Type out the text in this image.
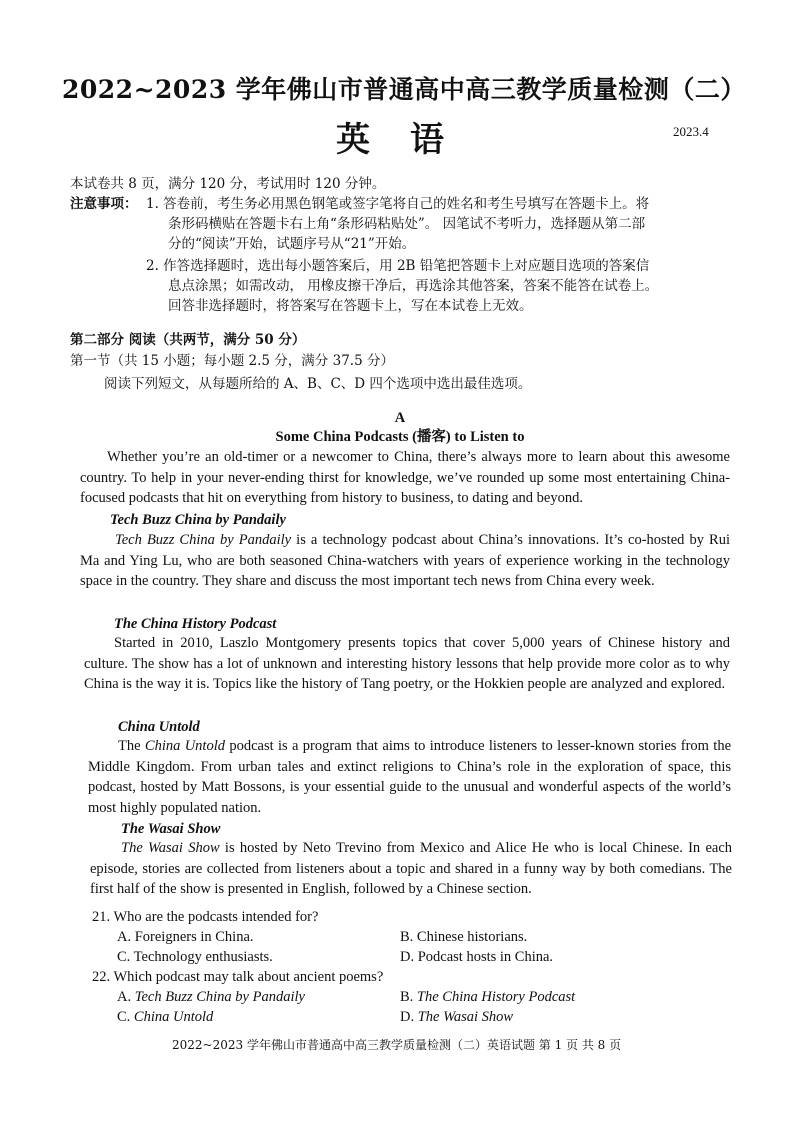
2022~2023 学年佛山市普通高中高三教学质量检测（二）
英语	2023.4
本试卷共 8 页，满分 120 分，考试用时 120 分钟。
注意事项： 1. 答卷前，考生务必用黑色钢笔或签字笔将自己的姓名和考生号填写在答题卡上。将
条形码横贴在答题卡右上角“条形码粘贴处”。 因笔试不考听力，选择题从第二部
分的“阅读”开始，试题序号从“21”开始。
2. 作答选择题时，选出每小题答案后，用 2B 铅笔把答题卡上对应题目选项的答案信
息点涂黑；如需改动， 用橡皮擦干净后，再选涂其他答案，答案不能答在试卷上。
回答非选择题时，将答案写在答题卡上，写在本试卷上无效。
第二部分 阅读（共两节，满分 50 分）
第一节（共 15 小题；每小题 2.5 分，满分 37.5 分）
阅读下列短文，从每题所给的 A、B、C、D 四个选项中选出最佳选项。
A
Some China Podcasts (播客) to Listen to
Whether you’re an old-timer or a newcomer to China, there’s always more to learn about this awesome country. To help in your never-ending thirst for knowledge, we’ve rounded up some most entertaining China-focused podcasts that hit on everything from history to business, to dating and beyond.
Tech Buzz China by Pandaily
Tech Buzz China by Pandaily is a technology podcast about China’s innovations. It’s co-hosted by Rui Ma and Ying Lu, who are both seasoned China-watchers with years of experience working in the technology space in the country. They share and discuss the most important tech news from China every week.
The China History Podcast
Started in 2010, Laszlo Montgomery presents topics that cover 5,000 years of Chinese history and culture. The show has a lot of unknown and interesting history lessons that help provide more color as to why China is the way it is. Topics like the history of Tang poetry, or the Hokkien people are analyzed and explored.
China Untold
The China Untold podcast is a program that aims to introduce listeners to lesser-known stories from the Middle Kingdom. From urban tales and extinct religions to China’s role in the exploration of space, this podcast, hosted by Matt Bossons, is your essential guide to the unusual and wonderful aspects of the world’s most highly populated nation.
The Wasai Show
The Wasai Show is hosted by Neto Trevino from Mexico and Alice He who is local Chinese. In each episode, stories are collected from listeners about a topic and shared in a funny way by both comedians. The first half of the show is presented in English, followed by a Chinese section.
21. Who are the podcasts intended for?
A. Foreigners in China.	B. Chinese historians.
C. Technology enthusiasts.	D. Podcast hosts in China.
22. Which podcast may talk about ancient poems?
A. Tech Buzz China by Pandaily	B. The China History Podcast
C. China Untold	D. The Wasai Show
2022~2023 学年佛山市普通高中高三教学质量检测（二）英语试题 第 1 页 共 8 页
